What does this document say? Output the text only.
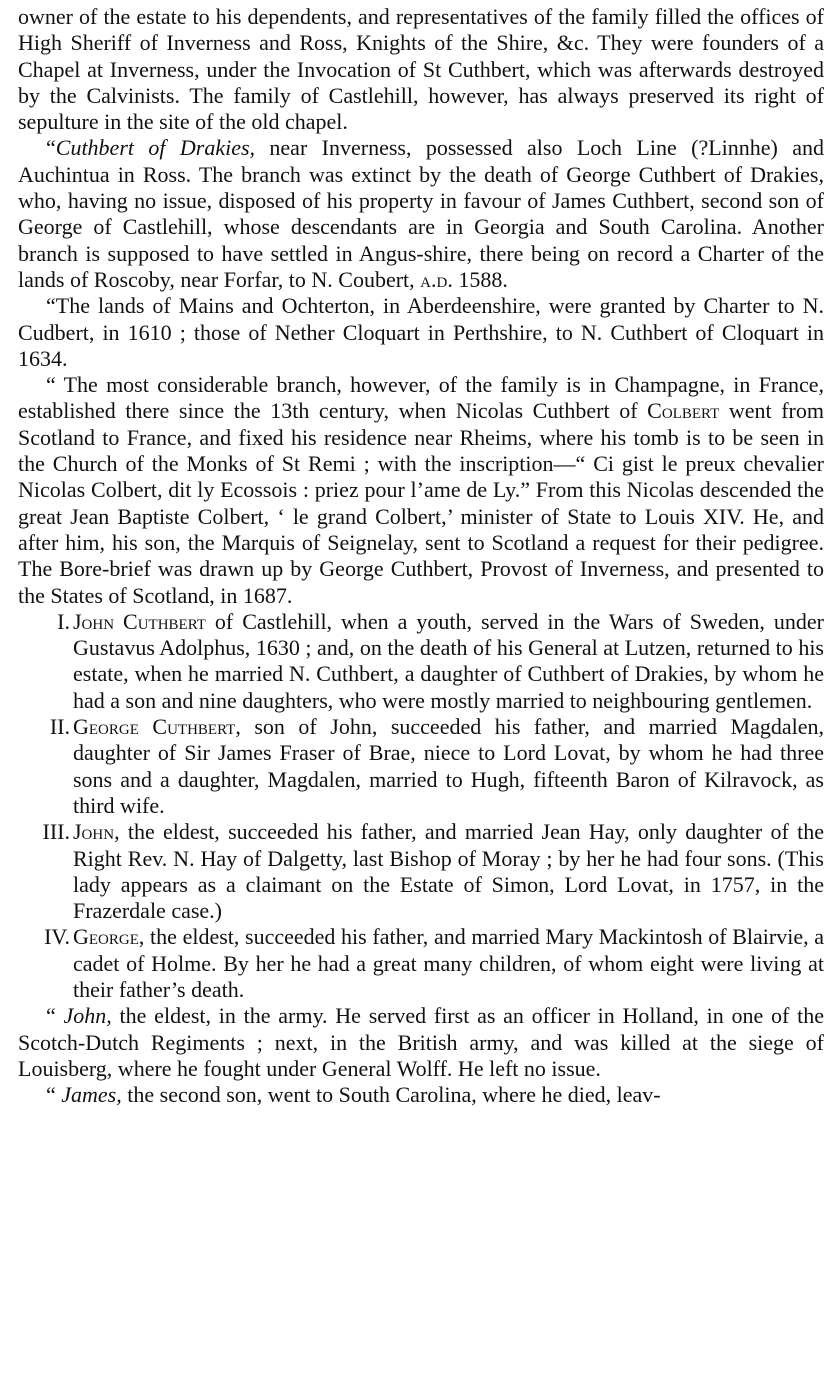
owner of the estate to his dependents, and representatives of the family filled the offices of High Sheriff of Inverness and Ross, Knights of the Shire, &c. They were founders of a Chapel at Inverness, under the Invocation of St Cuthbert, which was afterwards destroyed by the Calvinists. The family of Castlehill, however, has always preserved its right of sepulture in the site of the old chapel.

“Cuthbert of Drakies, near Inverness, possessed also Loch Line (?Linnhe) and Auchintua in Ross. The branch was extinct by the death of George Cuthbert of Drakies, who, having no issue, disposed of his property in favour of James Cuthbert, second son of George of Castlehill, whose descendants are in Georgia and South Carolina. Another branch is supposed to have settled in Angus-shire, there being on record a Charter of the lands of Roscoby, near Forfar, to N. Coubert, a.d. 1588.

“The lands of Mains and Ochterton, in Aberdeenshire, were granted by Charter to N. Cudbert, in 1610 ; those of Nether Cloquart in Perthshire, to N. Cuthbert of Cloquart in 1634.

“ The most considerable branch, however, of the family is in Champagne, in France, established there since the 13th century, when Nicolas Cuthbert of Colbert went from Scotland to France, and fixed his residence near Rheims, where his tomb is to be seen in the Church of the Monks of St Remi ; with the inscription—“ Ci gist le preux chevalier Nicolas Colbert, dit ly Ecossois : priez pour l’ame de Ly.” From this Nicolas descended the great Jean Baptiste Colbert, ‘ le grand Colbert,’ minister of State to Louis XIV. He, and after him, his son, the Marquis of Seignelay, sent to Scotland a request for their pedigree. The Bore-brief was drawn up by George Cuthbert, Provost of Inverness, and presented to the States of Scotland, in 1687.

I. John Cuthbert of Castlehill, when a youth, served in the Wars of Sweden, under Gustavus Adolphus, 1630 ; and, on the death of his General at Lutzen, returned to his estate, when he married N. Cuthbert, a daughter of Cuthbert of Drakies, by whom he had a son and nine daughters, who were mostly married to neighbouring gentlemen.

II. George Cuthbert, son of John, succeeded his father, and married Magdalen, daughter of Sir James Fraser of Brae, niece to Lord Lovat, by whom he had three sons and a daughter, Magdalen, married to Hugh, fifteenth Baron of Kilravock, as third wife.

III. John, the eldest, succeeded his father, and married Jean Hay, only daughter of the Right Rev. N. Hay of Dalgetty, last Bishop of Moray ; by her he had four sons. (This lady appears as a claimant on the Estate of Simon, Lord Lovat, in 1757, in the Frazerdale case.)

IV. George, the eldest, succeeded his father, and married Mary Mackintosh of Blairvie, a cadet of Holme. By her he had a great many children, of whom eight were living at their father’s death.

“ John, the eldest, in the army. He served first as an officer in Holland, in one of the Scotch-Dutch Regiments ; next, in the British army, and was killed at the siege of Louisberg, where he fought under General Wolff. He left no issue.

“ James, the second son, went to South Carolina, where he died, leav-
